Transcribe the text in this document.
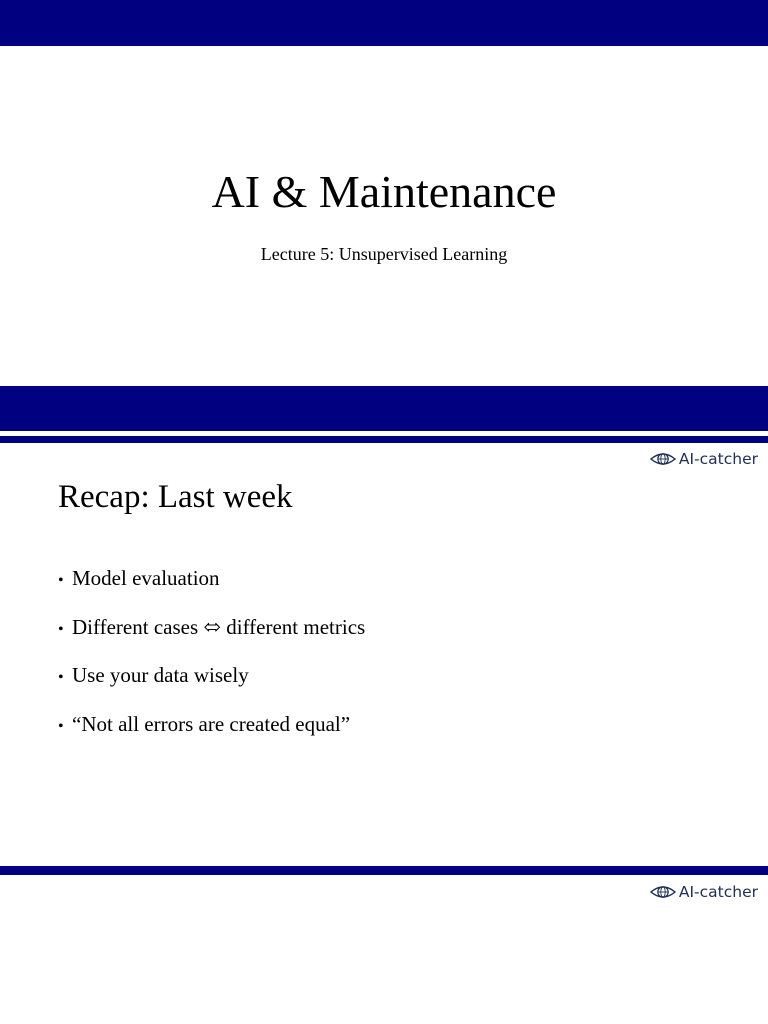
AI & Maintenance
Lecture 5: Unsupervised Learning
AI-catcher
Recap: Last week
• Model evaluation
• Different cases ⬄ different metrics
• Use your data wisely
• “Not all errors are created equal”
AI-catcher
